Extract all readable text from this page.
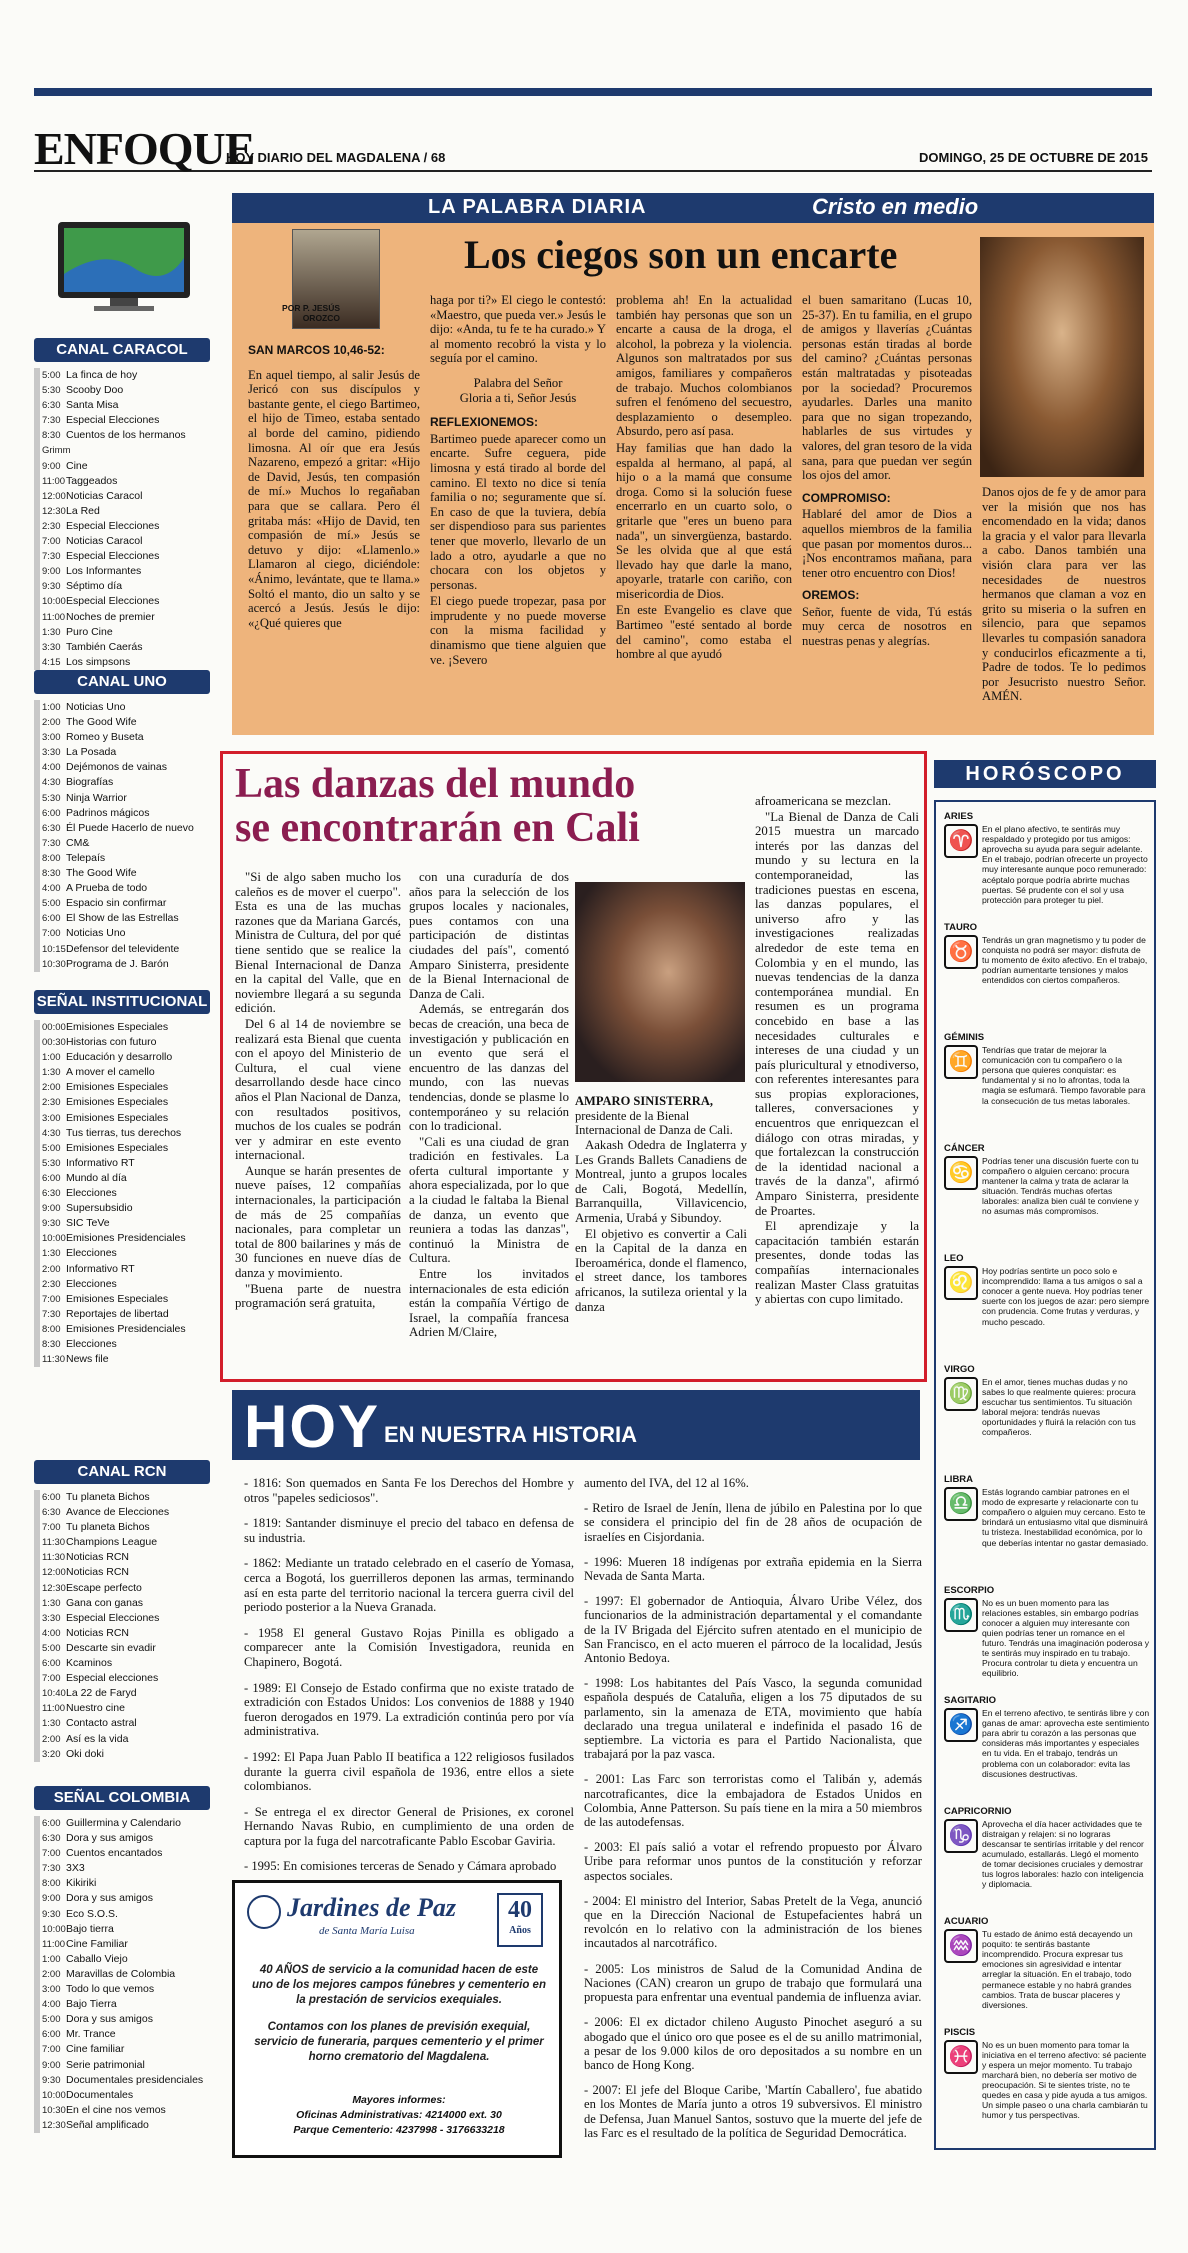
ENFOQUE
HOY DIARIO DEL MAGDALENA / 68	DOMINGO, 25 DE OCTUBRE DE 2015
CANAL CARACOL
5:00 La finca de hoy
5:30 Scooby Doo
6:30 Santa Misa
7:30 Especial Elecciones
8:30 Cuentos de los hermanos
Grimm
9:00 Cine
11:00 Taggeados
12:00 Noticias Caracol
12:30 La Red
2:30 Especial Elecciones
7:00 Noticias Caracol
7:30 Especial Elecciones
9:00 Los Informantes
9:30 Séptimo día
10:00 Especial Elecciones
11:00 Noches de premier
1:30 Puro Cine
3:30 También Caerás
4:15 Los simpsons
CANAL UNO
1:00 Noticias Uno
2:00 The Good Wife
3:00 Romeo y Buseta
3:30 La Posada
4:00 Dejémonos de vainas
4:30 Biografías
5:30 Ninja Warrior
6:00 Padrinos mágicos
6:30 Él Puede Hacerlo de nuevo
7:30 CM&
8:00 Telepaís
8:30 The Good Wife
4:00 A Prueba de todo
5:00 Espacio sin confirmar
6:00 El Show de las Estrellas
7:00 Noticias Uno
10:15 Defensor del televidente
10:30 Programa de J. Barón
SEÑAL INSTITUCIONAL
00:00 Emisiones Especiales
00:30 Historias con futuro
1:00 Educación y desarrollo
1:30 A mover el camello
2:00 Emisiones Especiales
2:30 Emisiones Especiales
3:00 Emisiones Especiales
4:30 Tus tierras, tus derechos
5:00 Emisiones Especiales
5:30 Informativo RT
6:00 Mundo al día
6:30 Elecciones
9:00 Supersubsidio
9:30 SIC TeVe
10:00 Emisiones Presidenciales
1:30 Elecciones
2:00 Informativo RT
2:30 Elecciones
7:00 Emisiones Especiales
7:30 Reportajes de libertad
8:00 Emisiones Presidenciales
8:30 Elecciones
11:30 News file
CANAL RCN
6:00 Tu planeta Bichos
6:30 Avance de Elecciones
7:00 Tu planeta Bichos
11:30 Champions League
11:30 Noticias RCN
12:00 Noticias RCN
12:30 Escape perfecto
1:30 Gana con ganas
3:30 Especial Elecciones
4:00 Noticias RCN
5:00 Descarte sin evadir
6:00 Kcaminos
7:00 Especial elecciones
10:40 La 22 de Faryd
11:00 Nuestro cine
1:30 Contacto astral
2:00 Así es la vida
3:20 Oki doki
SEÑAL COLOMBIA
6:00 Guillermina y Calendario
6:30 Dora y sus amigos
7:00 Cuentos encantados
7:30 3X3
8:00 Kikiriki
9:00 Dora y sus amigos
9:30 Eco S.O.S.
10:00 Bajo tierra
11:00 Cine Familiar
1:00 Caballo Viejo
2:00 Maravillas de Colombia
3:00 Todo lo que vemos
4:00 Bajo Tierra
5:00 Dora y sus amigos
6:00 Mr. Trance
7:00 Cine familiar
9:00 Serie patrimonial
9:30 Documentales presidenciales
10:00 Documentales
10:30 En el cine nos vemos
12:30 Señal amplificado
LA PALABRA DIARIA	Cristo en medio
POR P. JESÚS OROZCO
Los ciegos son un encarte

SAN MARCOS 10,46-52:

En aquel tiempo, al salir Jesús de Jericó con sus discípulos y bastante gente, el ciego Bartimeo, el hijo de Timeo, estaba sentado al borde del camino, pidiendo limosna. Al oír que era Jesús Nazareno, empezó a gritar: «Hijo de David, Jesús, ten compasión de mí.» Muchos lo regañaban para que se callara. Pero él gritaba más: «Hijo de David, ten compasión de mí.» Jesús se detuvo y dijo: «Llamenlo.» Llamaron al ciego, diciéndole: «Ánimo, levántate, que te llama.» Soltó el manto, dio un salto y se acercó a Jesús. Jesús le dijo: «¿Qué quieres que

haga por ti?» El ciego le contestó: «Maestro, que pueda ver.» Jesús le dijo: «Anda, tu fe te ha curado.» Y al momento recobró la vista y lo seguía por el camino.

Palabra del Señor
Gloria a ti, Señor Jesús

REFLEXIONEMOS:

Bartimeo puede aparecer como un encarte. Sufre ceguera, pide limosna y está tirado al borde del camino. El texto no dice si tenía familia o no; seguramente que sí. En caso de que la tuviera, debía ser dispendioso para sus parientes tener que moverlo, llevarlo de un lado a otro, ayudarle a que no chocara con los objetos y personas.

El ciego puede tropezar, pasa por imprudente y no puede moverse con la misma facilidad y dinamismo que tiene alguien que ve. ¡Severo

problema ah! En la actualidad también hay personas que son un encarte a causa de la droga, el alcohol, la pobreza y la violencia. Algunos son maltratados por sus amigos, familiares y compañeros de trabajo. Muchos colombianos sufren el fenómeno del secuestro, desplazamiento o desempleo. Absurdo, pero así pasa.

Hay familias que han dado la espalda al hermano, al papá, al hijo o a la mamá que consume droga. Como si la solución fuese encerrarlo en un cuarto solo, o gritarle que "eres un bueno para nada", un sinvergüenza, bastardo. Se les olvida que al que está llevado hay que darle la mano, apoyarle, tratarle con cariño, con misericordia de Dios.

En este Evangelio es clave que Bartimeo "esté sentado al borde del camino", como estaba el hombre al que ayudó

el buen samaritano (Lucas 10, 25-37). En tu familia, en el grupo de amigos y llaverías ¿Cuántas personas están tiradas al borde del camino? ¿Cuántas personas están maltratadas y pisoteadas por la sociedad? Procuremos ayudarles. Darles una manito para que no sigan tropezando, hablarles de sus virtudes y valores, del gran tesoro de la vida sana, para que puedan ver según los ojos del amor.

COMPROMISO:

Hablaré del amor de Dios a aquellos miembros de la familia que pasan por momentos duros... ¡Nos encontramos mañana, para tener otro encuentro con Dios!

OREMOS:

Señor, fuente de vida, Tú estás muy cerca de nosotros en nuestras penas y alegrías.

Danos ojos de fe y de amor para ver la misión que nos has encomendado en la vida; danos la gracia y el valor para llevarla a cabo. Danos también una visión clara para ver las necesidades de nuestros hermanos que claman a voz en grito su miseria o la sufren en silencio, para que sepamos llevarles tu compasión sanadora y conducirlos eficazmente a ti, Padre de todos. Te lo pedimos por Jesucristo nuestro Señor. AMÉN.

Las danzas del mundo se encontrarán en Cali
AMPARO SINISTERRA, presidente de la Bienal Internacional de Danza de Cali.

"Si de algo saben mucho los caleños es de mover el cuerpo". Esta es una de las muchas razones que da Mariana Garcés, Ministra de Cultura, del por qué tiene sentido que se realice la Bienal Internacional de Danza en la capital del Valle, que en noviembre llegará a su segunda edición.

Del 6 al 14 de noviembre se realizará esta Bienal que cuenta con el apoyo del Ministerio de Cultura, el cual viene desarrollando desde hace cinco años el Plan Nacional de Danza, con resultados positivos, muchos de los cuales se podrán ver y admirar en este evento internacional.

Aunque se harán presentes de nueve países, 12 compañías internacionales, la participación de más de 25 compañías nacionales, para completar un total de 800 bailarines y más de 30 funciones en nueve días de danza y movimiento.

"Buena parte de nuestra programación será gratuita,

con una curaduría de dos años para la selección de los grupos locales y nacionales, pues contamos con una participación de distintas ciudades del país", comentó Amparo Sinisterra, presidente de la Bienal Internacional de Danza de Cali.

Además, se entregarán dos becas de creación, una beca de investigación y publicación en un evento que será el encuentro de las danzas del mundo, con las nuevas tendencias, donde se plasme lo contemporáneo y su relación con lo tradicional.

"Cali es una ciudad de gran tradición en festivales. La oferta cultural importante y ahora especializada, por lo que a la ciudad le faltaba la Bienal de danza, un evento que reuniera a todas las danzas", continuó la Ministra de Cultura.

Entre los invitados internacionales de esta edición están la compañía Vértigo de Israel, la compañía francesa Adrien M/Claire,

Aakash Odedra de Inglaterra y Les Grands Ballets Canadiens de Montreal, junto a grupos locales de Cali, Bogotá, Medellín, Barranquilla, Villavicencio, Armenia, Urabá y Sibundoy.

El objetivo es convertir a Cali en la Capital de la danza en Iberoamérica, donde el flamenco, el street dance, los tambores africanos, la sutileza oriental y la danza

afroamericana se mezclan.

"La Bienal de Danza de Cali 2015 muestra un marcado interés por las danzas del mundo y su lectura en la contemporaneidad, las tradiciones puestas en escena, las danzas populares, el universo afro y las investigaciones realizadas alrededor de este tema en Colombia y en el mundo, las nuevas tendencias de la danza contemporánea mundial. En resumen es un programa concebido en base a las necesidades culturales e intereses de una ciudad y un país pluricultural y etnodiverso, con referentes interesantes para sus propias exploraciones, talleres, conversaciones y encuentros que enriquezcan el diálogo con otras miradas, y que fortalezcan la construcción de la identidad nacional a través de la danza", afirmó Amparo Sinisterra, presidente de Proartes.

El aprendizaje y la capacitación también estarán presentes, donde todas las compañías internacionales realizan Master Class gratuitas y abiertas con cupo limitado.

HORÓSCOPO
ARIES
♈
En el plano afectivo, te sentirás muy respaldado y protegido por tus amigos: aprovecha su ayuda para seguir adelante. En el trabajo, podrían ofrecerte un proyecto muy interesante aunque poco remunerado: acéptalo porque podría abrirte muchas puertas. Sé prudente con el sol y usa protección para proteger tu piel.
TAURO
♉
Tendrás un gran magnetismo y tu poder de conquista no podrá ser mayor: disfruta de tu momento de éxito afectivo. En el trabajo, podrían aumentarte tensiones y malos entendidos con ciertos compañeros.
GÉMINIS
♊
Tendrías que tratar de mejorar la comunicación con tu compañero o la persona que quieres conquistar: es fundamental y si no lo afrontas, toda la magia se esfumará. Tiempo favorable para la consecución de tus metas laborales.
CÁNCER
♋
Podrías tener una discusión fuerte con tu compañero o alguien cercano: procura mantener la calma y trata de aclarar la situación. Tendrás muchas ofertas laborales: analiza bien cuál te conviene y no asumas más compromisos.
LEO
♌
Hoy podrías sentirte un poco solo e incomprendido: llama a tus amigos o sal a conocer a gente nueva. Hoy podrías tener suerte con los juegos de azar: pero siempre con prudencia. Come frutas y verduras, y mucho pescado.
VIRGO
♍
En el amor, tienes muchas dudas y no sabes lo que realmente quieres: procura escuchar tus sentimientos. Tu situación laboral mejora: tendrás nuevas oportunidades y fluirá la relación con tus compañeros.
LIBRA
♎
Estás logrando cambiar patrones en el modo de expresarte y relacionarte con tu compañero o alguien muy cercano. Esto te brindará un entusiasmo vital que disminuirá tu tristeza. Inestabilidad económica, por lo que deberías intentar no gastar demasiado.
ESCORPIO
♏
No es un buen momento para las relaciones estables, sin embargo podrías conocer a alguien muy interesante con quien podrías tener un romance en el futuro. Tendrás una imaginación poderosa y te sentirás muy inspirado en tu trabajo. Procura controlar tu dieta y encuentra un equilibrio.
SAGITARIO
♐
En el terreno afectivo, te sentirás libre y con ganas de amar: aprovecha este sentimiento para abrir tu corazón a las personas que consideras más importantes y especiales en tu vida. En el trabajo, tendrás un problema con un colaborador: evita las discusiones destructivas.
CAPRICORNIO
♑
Aprovecha el día hacer actividades que te distraigan y relajen: si no lograras descansar te sentirías irritable y del rencor acumulado, estallarás. Llegó el momento de tomar decisiones cruciales y demostrar tus logros laborales: hazlo con inteligencia y diplomacia.
ACUARIO
♒
Tu estado de ánimo está decayendo un poquito: te sentirás bastante incomprendido. Procura expresar tus emociones sin agresividad e intentar arreglar la situación. En el trabajo, todo permanece estable y no habrá grandes cambios. Trata de buscar placeres y diversiones.
PISCIS
♓
No es un buen momento para tomar la iniciativa en el terreno afectivo: sé paciente y espera un mejor momento. Tu trabajo marchará bien, no debería ser motivo de preocupación. Si te sientes triste, no te quedes en casa y pide ayuda a tus amigos. Un simple paseo o una charla cambiarán tu humor y tus perspectivas.
HOY EN NUESTRA HISTORIA

- 1816: Son quemados en Santa Fe los Derechos del Hombre y otros "papeles sediciosos".

- 1819: Santander disminuye el precio del tabaco en defensa de su industria.

- 1862: Mediante un tratado celebrado en el caserío de Yomasa, cerca a Bogotá, los guerrilleros deponen las armas, terminando así en esta parte del territorio nacional la tercera guerra civil del periodo posterior a la Nueva Granada.

- 1958 El general Gustavo Rojas Pinilla es obligado a comparecer ante la Comisión Investigadora, reunida en Chapinero, Bogotá.

- 1989: El Consejo de Estado confirma que no existe tratado de extradición con Estados Unidos: Los convenios de 1888 y 1940 fueron derogados en 1979. La extradición continúa pero por vía administrativa.

- 1992: El Papa Juan Pablo II beatifica a 122 religiosos fusilados durante la guerra civil española de 1936, entre ellos a siete colombianos.

- Se entrega el ex director General de Prisiones, ex coronel Hernando Navas Rubio, en cumplimiento de una orden de captura por la fuga del narcotraficante Pablo Escobar Gaviria.

- 1995: En comisiones terceras de Senado y Cámara aprobado

aumento del IVA, del 12 al 16%.

- Retiro de Israel de Jenín, llena de júbilo en Palestina por lo que se considera el principio del fin de 28 años de ocupación de israelíes en Cisjordania.

- 1996: Mueren 18 indígenas por extraña epidemia en la Sierra Nevada de Santa Marta.

- 1997: El gobernador de Antioquia, Álvaro Uribe Vélez, dos funcionarios de la administración departamental y el comandante de la IV Brigada del Ejército sufren atentado en el municipio de San Francisco, en el acto mueren el párroco de la localidad, Jesús Antonio Bedoya.

- 1998: Los habitantes del País Vasco, la segunda comunidad española después de Cataluña, eligen a los 75 diputados de su parlamento, sin la amenaza de ETA, movimiento que había declarado una tregua unilateral e indefinida el pasado 16 de septiembre. La victoria es para el Partido Nacionalista, que trabajará por la paz vasca.

- 2001: Las Farc son terroristas como el Talibán y, además narcotraficantes, dice la embajadora de Estados Unidos en Colombia, Anne Patterson. Su país tiene en la mira a 50 miembros de las autodefensas.

- 2003: El país salió a votar el refrendo propuesto por Álvaro Uribe para reformar unos puntos de la constitución y reforzar aspectos sociales.

- 2004: El ministro del Interior, Sabas Pretelt de la Vega, anunció que en la Dirección Nacional de Estupefacientes habrá un revolcón en lo relativo con la administración de los bienes incautados al narcotráfico.

- 2005: Los ministros de Salud de la Comunidad Andina de Naciones (CAN) crearon un grupo de trabajo que formulará una propuesta para enfrentar una eventual pandemia de influenza aviar.

- 2006: El ex dictador chileno Augusto Pinochet aseguró a su abogado que el único oro que posee es el de su anillo matrimonial, a pesar de los 9.000 kilos de oro depositados a su nombre en un banco de Hong Kong.

- 2007: El jefe del Bloque Caribe, 'Martín Caballero', fue abatido en los Montes de María junto a otros 19 subversivos. El ministro de Defensa, Juan Manuel Santos, sostuvo que la muerte del jefe de las Farc es el resultado de la política de Seguridad Democrática.

Jardines de Paz
de Santa María Luisa
40
Años

40 AÑOS de servicio a la comunidad hacen de este uno de los mejores campos fúnebres y cementerio en la prestación de servicios exequiales.

Contamos con los planes de previsión exequial, servicio de funeraria, parques cementerio y el primer horno crematorio del Magdalena.

Mayores informes:

Oficinas Administrativas: 4214000 ext. 30

Parque Cementerio: 4237998 - 3176633218
